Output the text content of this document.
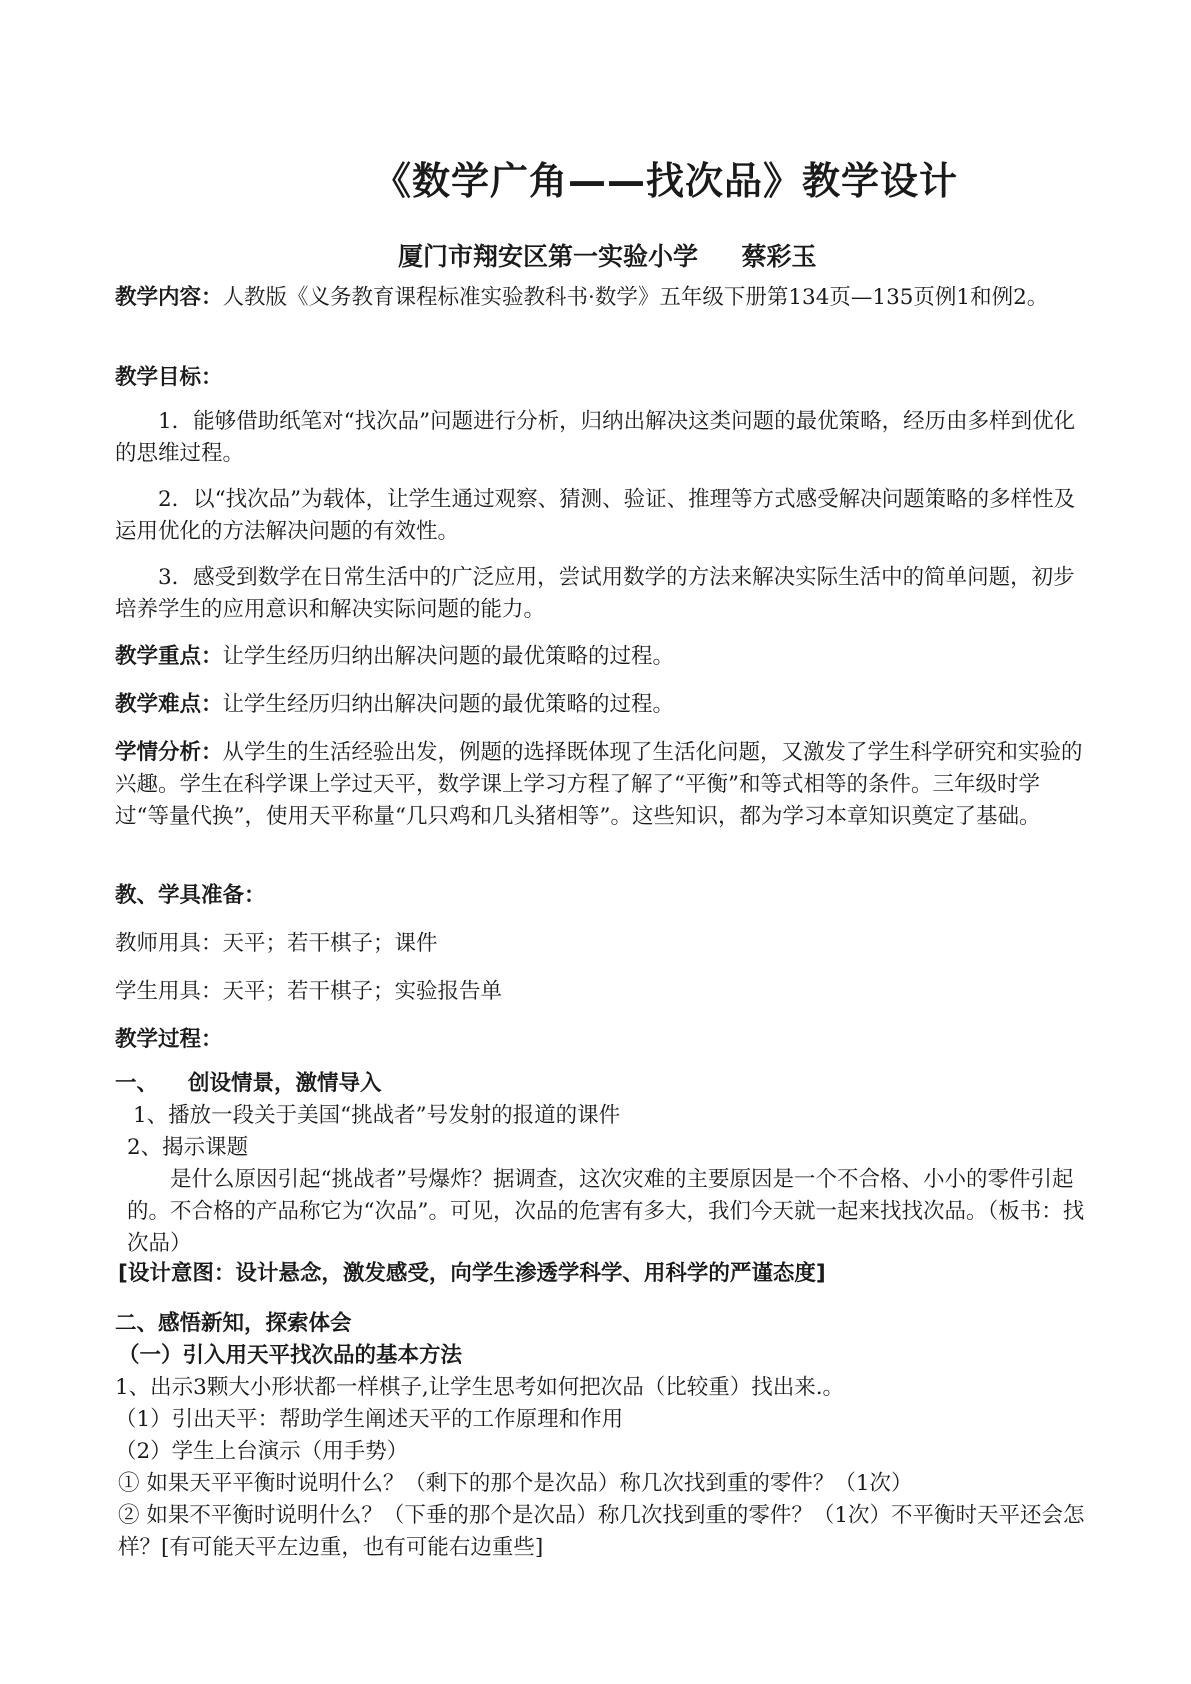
《数学广角——找次品》教学设计
厦门市翔安区第一实验小学     蔡彩玉
教学内容：人教版《义务教育课程标准实验教科书·数学》五年级下册第134页—135页例1和例2。
教学目标：
1．能够借助纸笔对“找次品”问题进行分析，归纳出解决这类问题的最优策略，经历由多样到优化的思维过程。
2．以“找次品”为载体，让学生通过观察、猜测、验证、推理等方式感受解决问题策略的多样性及运用优化的方法解决问题的有效性。
3．感受到数学在日常生活中的广泛应用，尝试用数学的方法来解决实际生活中的简单问题，初步培养学生的应用意识和解决实际问题的能力。
教学重点：让学生经历归纳出解决问题的最优策略的过程。
教学难点：让学生经历归纳出解决问题的最优策略的过程。
学情分析：从学生的生活经验出发，例题的选择既体现了生活化问题，又激发了学生科学研究和实验的兴趣。学生在科学课上学过天平，数学课上学习方程了解了“平衡”和等式相等的条件。三年级时学过“等量代换”，使用天平称量“几只鸡和几头猪相等”。这些知识，都为学习本章知识奠定了基础。
教、学具准备：
教师用具：天平；若干棋子；课件
学生用具：天平；若干棋子；实验报告单
教学过程：
一、    创设情景，激情导入
1、播放一段关于美国“挑战者”号发射的报道的课件
2、揭示课题
是什么原因引起“挑战者”号爆炸？据调查，这次灾难的主要原因是一个不合格、小小的零件引起的。不合格的产品称它为“次品”。可见，次品的危害有多大，我们今天就一起来找找次品。（板书：找次品）
[设计意图：设计悬念，激发感受，向学生渗透学科学、用科学的严谨态度]
二、感悟新知，探索体会
（一）引入用天平找次品的基本方法
1、出示3颗大小形状都一样棋子,让学生思考如何把次品（比较重）找出来.。
（1）引出天平：帮助学生阐述天平的工作原理和作用
（2）学生上台演示（用手势）
① 如果天平平衡时说明什么？（剩下的那个是次品）称几次找到重的零件？（1次）
② 如果不平衡时说明什么？（下垂的那个是次品）称几次找到重的零件？（1次）不平衡时天平还会怎样？[有可能天平左边重，也有可能右边重些]
